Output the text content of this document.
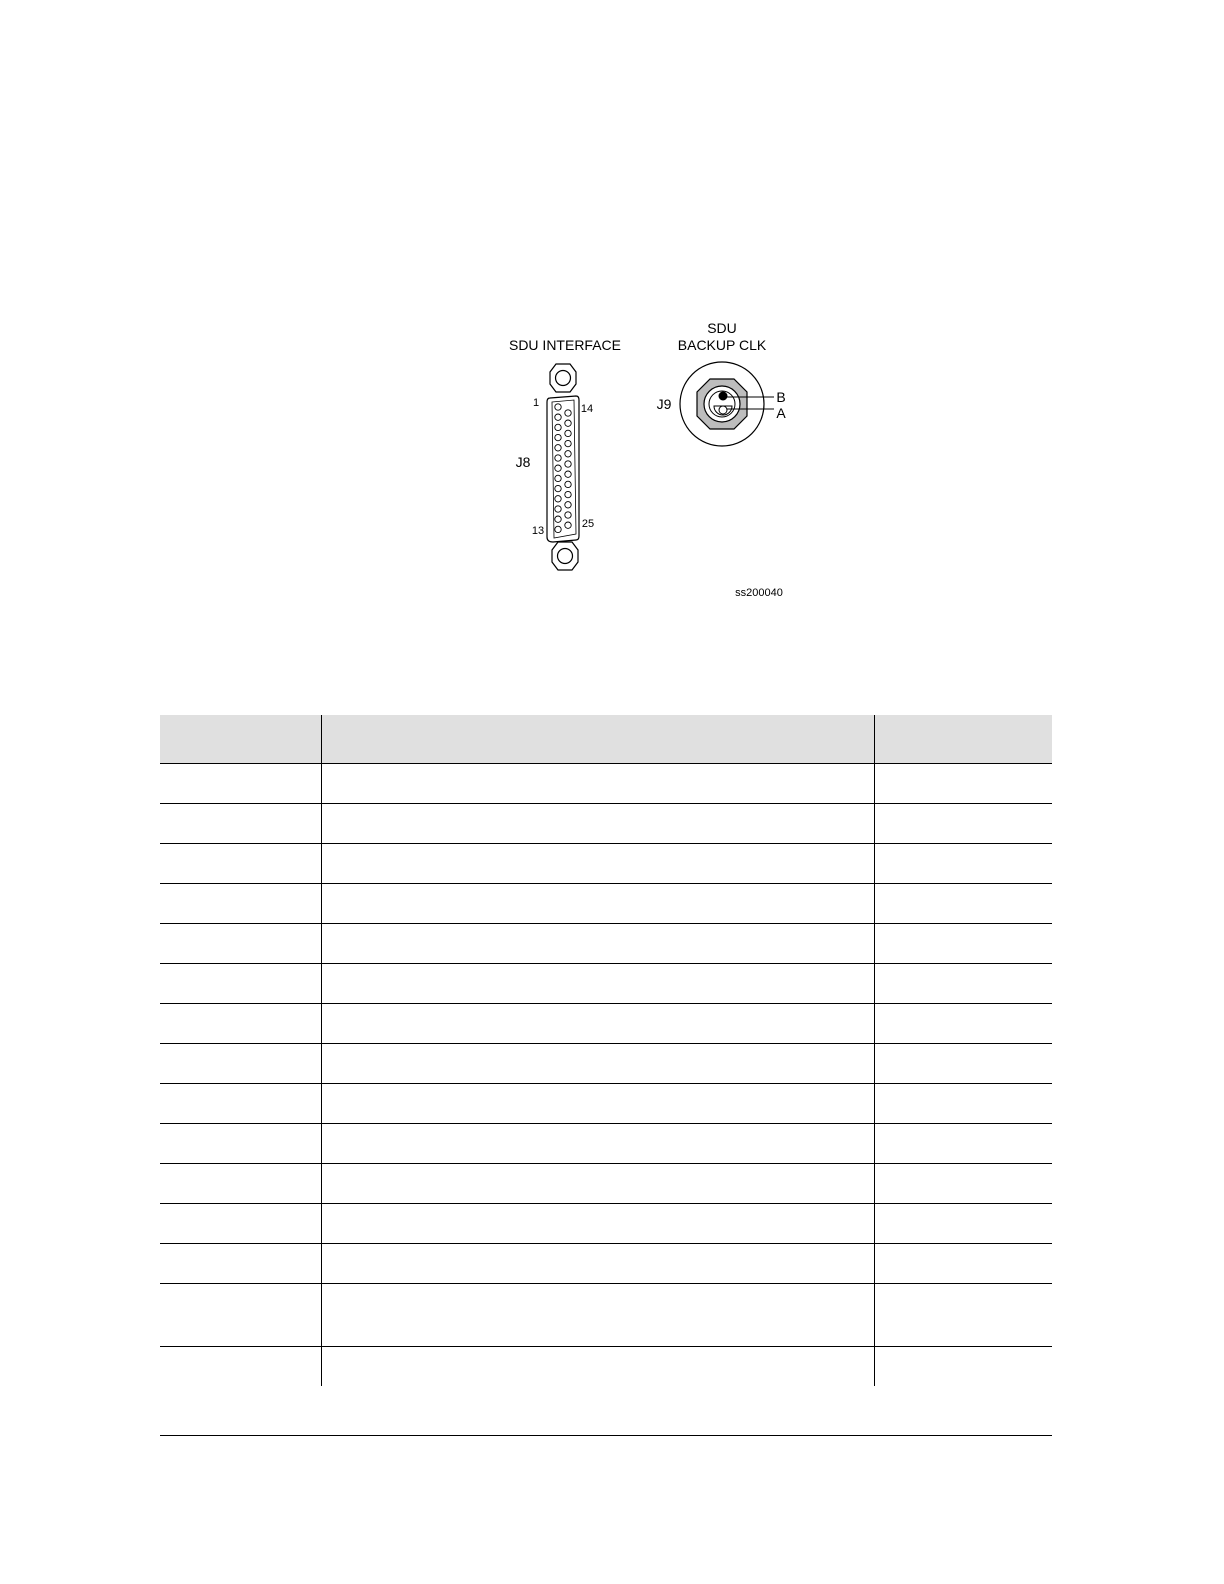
SDU INTERFACE
SDU
BACKUP CLK
1	14
J8
13
25
J9	B
A
ss200040
